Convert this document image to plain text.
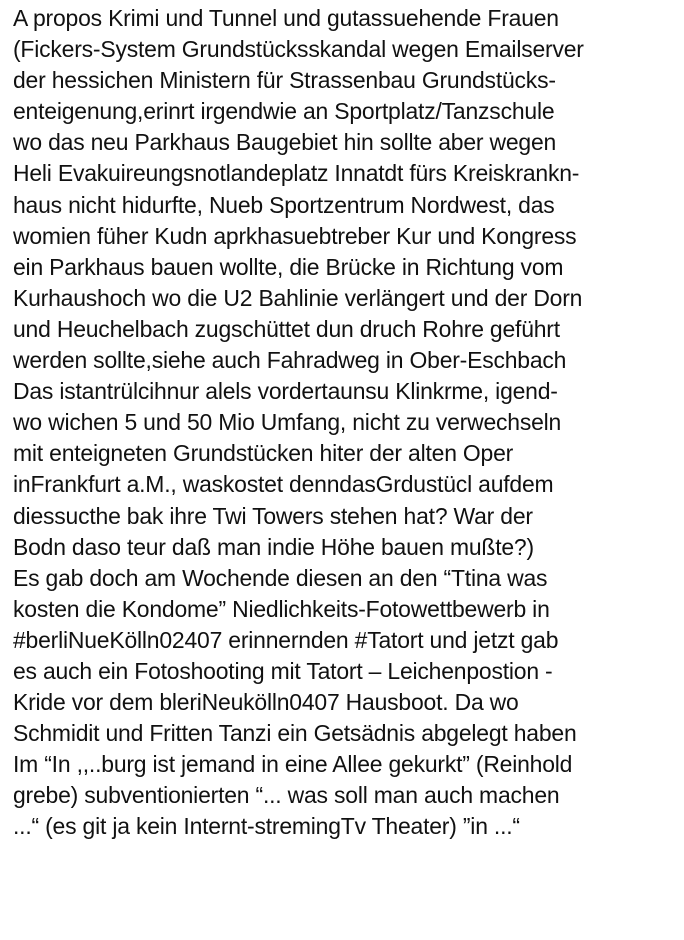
A propos Krimi und Tunnel und gutassuehende Frauen
(Fickers-System Grundstücksskandal wegen Emailserver
der hessichen Ministern für Strassenbau Grundstücks-
enteigenung,erinrt irgendwie an Sportplatz/Tanzschule
wo das neu Parkhaus Baugebiet hin sollte aber wegen
Heli Evakuireungsnotlandeplatz Innatdt fürs Kreiskrankn-
haus nicht hidurfte, Nueb Sportzentrum Nordwest, das
womien füher Kudn aprkhasuebtreber Kur und Kongress
ein Parkhaus bauen wollte, die Brücke in Richtung vom
Kurhaushoch wo die U2 Bahlinie verlängert und der Dorn
und Heuchelbach zugschüttet dun druch Rohre geführt
werden sollte,siehe auch Fahradweg in Ober-Eschbach
Das istantrülcihnur alels vordertaunsu Klinkrme, igend-
wo wichen 5 und 50 Mio Umfang, nicht zu verwechseln
mit enteigneten Grundstücken hiter der alten Oper
inFrankfurt a.M., waskostet denndasGrdustücl aufdem
diessucthe bak ihre Twi Towers stehen hat? War der
Bodn daso teur daß man indie Höhe bauen mußte?)
Es gab doch am Wochende diesen an den “Ttina was
kosten die Kondome” Niedlichkeits-Fotowettbewerb in
#berliNueKölln02407 erinnernden #Tatort und jetzt gab
es auch ein Fotoshooting mit Tatort – Leichenpostion -
Kride vor dem bleriNeukölln0407 Hausboot. Da wo
Schmidit und Fritten Tanzi ein Getsädnis abgelegt haben
Im “In ,,..burg ist jemand in eine Allee gekurkt” (Reinhold
grebe) subventionierten “... was soll man auch machen
...“ (es git ja kein Internt-stremingTv Theater) ”in ...“
